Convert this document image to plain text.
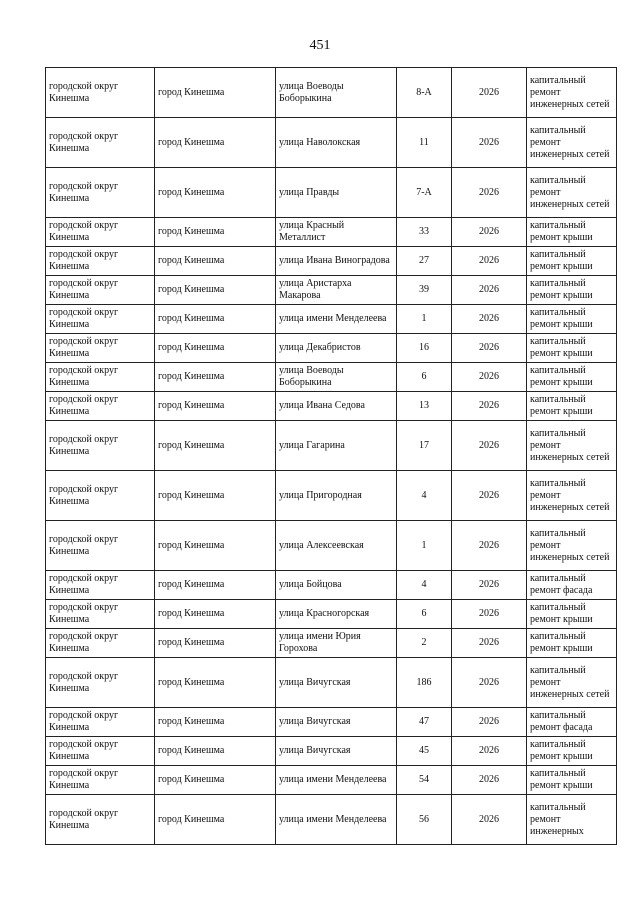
451
городской округ Кинешма	город Кинешма	улица Воеводы Боборыкина	8-А	2026	капитальный ремонт инженерных сетей
городской округ Кинешма	город Кинешма	улица Наволокская	11	2026	капитальный ремонт инженерных сетей
городской округ Кинешма	город Кинешма	улица Правды	7-А	2026	капитальный ремонт инженерных сетей
городской округ Кинешма	город Кинешма	улица Красный Металлист	33	2026	капитальный ремонт крыши
городской округ Кинешма	город Кинешма	улица Ивана Виноградова	27	2026	капитальный ремонт крыши
городской округ Кинешма	город Кинешма	улица Аристарха Макарова	39	2026	капитальный ремонт крыши
городской округ Кинешма	город Кинешма	улица имени Менделеева	1	2026	капитальный ремонт крыши
городской округ Кинешма	город Кинешма	улица Декабристов	16	2026	капитальный ремонт крыши
городской округ Кинешма	город Кинешма	улица Воеводы Боборыкина	6	2026	капитальный ремонт крыши
городской округ Кинешма	город Кинешма	улица Ивана Седова	13	2026	капитальный ремонт крыши
городской округ Кинешма	город Кинешма	улица Гагарина	17	2026	капитальный ремонт инженерных сетей
городской округ Кинешма	город Кинешма	улица Пригородная	4	2026	капитальный ремонт инженерных сетей
городской округ Кинешма	город Кинешма	улица Алексеевская	1	2026	капитальный ремонт инженерных сетей
городской округ Кинешма	город Кинешма	улица Бойцова	4	2026	капитальный ремонт фасада
городской округ Кинешма	город Кинешма	улица Красногорская	6	2026	капитальный ремонт крыши
городской округ Кинешма	город Кинешма	улица имени Юрия Горохова	2	2026	капитальный ремонт крыши
городской округ Кинешма	город Кинешма	улица Вичугская	186	2026	капитальный ремонт инженерных сетей
городской округ Кинешма	город Кинешма	улица Вичугская	47	2026	капитальный ремонт фасада
городской округ Кинешма	город Кинешма	улица Вичугская	45	2026	капитальный ремонт крыши
городской округ Кинешма	город Кинешма	улица имени Менделеева	54	2026	капитальный ремонт крыши
городской округ Кинешма	город Кинешма	улица имени Менделеева	56	2026	капитальный ремонт инженерных
